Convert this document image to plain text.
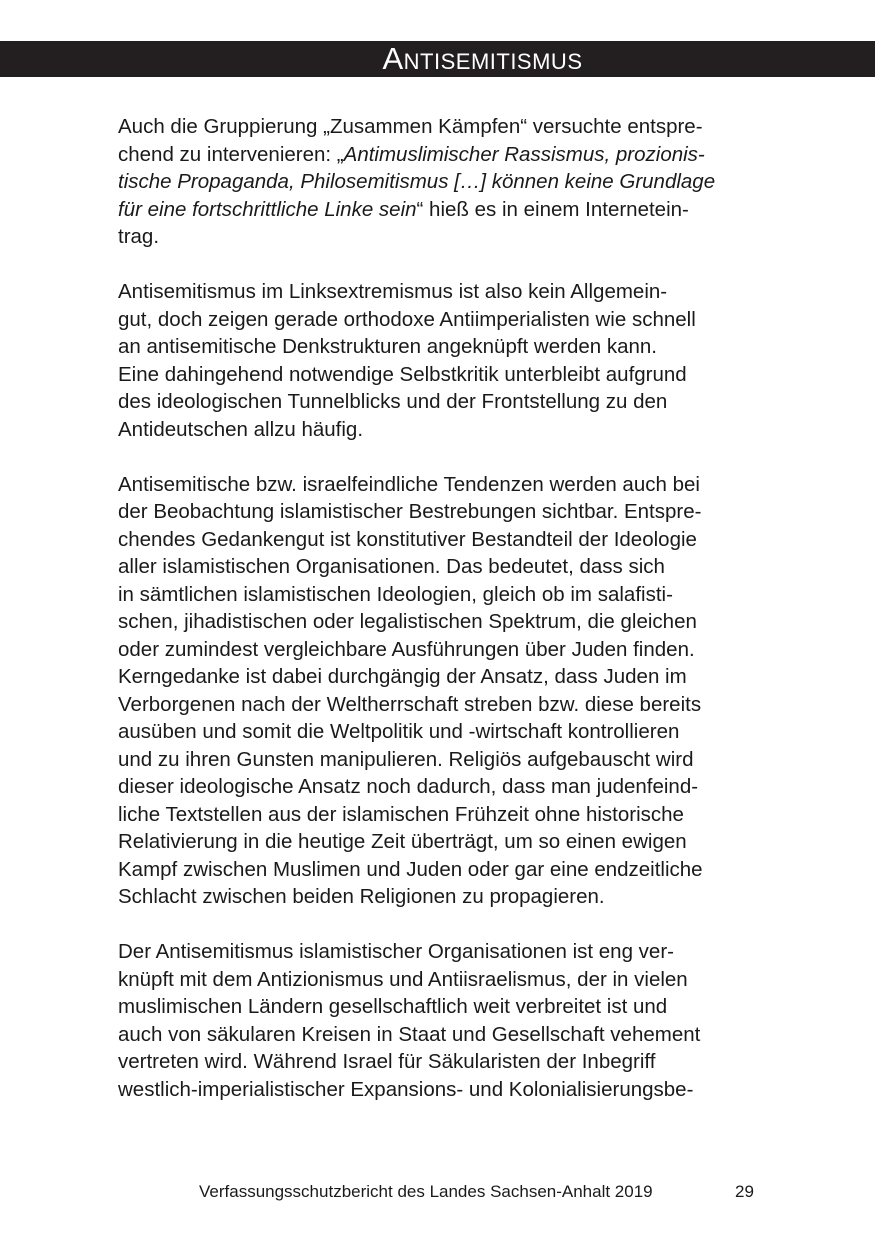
Antisemitismus
Auch die Gruppierung „Zusammen Kämpfen“ versuchte entspre-
chend zu intervenieren: „Antimuslimischer Rassismus, prozionis-
tische Propaganda, Philosemitismus […] können keine Grundlage
für eine fortschrittliche Linke sein“ hieß es in einem Internetein-
trag.
Antisemitismus im Linksextremismus ist also kein Allgemein-
gut, doch zeigen gerade orthodoxe Antiimperialisten wie schnell
an antisemitische Denkstrukturen angeknüpft werden kann.
Eine dahingehend notwendige Selbstkritik unterbleibt aufgrund
des ideologischen Tunnelblicks und der Frontstellung zu den
Antideutschen allzu häufig.
Antisemitische bzw. israelfeindliche Tendenzen werden auch bei
der Beobachtung islamistischer Bestrebungen sichtbar. Entspre-
chendes Gedankengut ist konstitutiver Bestandteil der Ideologie
aller islamistischen Organisationen. Das bedeutet, dass sich
in sämtlichen islamistischen Ideologien, gleich ob im salafisti-
schen, jihadistischen oder legalistischen Spektrum, die gleichen
oder zumindest vergleichbare Ausführungen über Juden finden.
Kerngedanke ist dabei durchgängig der Ansatz, dass Juden im
Verborgenen nach der Weltherrschaft streben bzw. diese bereits
ausüben und somit die Weltpolitik und -wirtschaft kontrollieren
und zu ihren Gunsten manipulieren. Religiös aufgebauscht wird
dieser ideologische Ansatz noch dadurch, dass man judenfeind-
liche Textstellen aus der islamischen Frühzeit ohne historische
Relativierung in die heutige Zeit überträgt, um so einen ewigen
Kampf zwischen Muslimen und Juden oder gar eine endzeitliche
Schlacht zwischen beiden Religionen zu propagieren.
Der Antisemitismus islamistischer Organisationen ist eng ver-
knüpft mit dem Antizionismus und Antiisraelismus, der in vielen
muslimischen Ländern gesellschaftlich weit verbreitet ist und
auch von säkularen Kreisen in Staat und Gesellschaft vehement
vertreten wird. Während Israel für Säkularisten der Inbegriff
westlich-imperialistischer Expansions- und Kolonialisierungsbe-
Verfassungsschutzbericht des Landes Sachsen-Anhalt 2019	29
